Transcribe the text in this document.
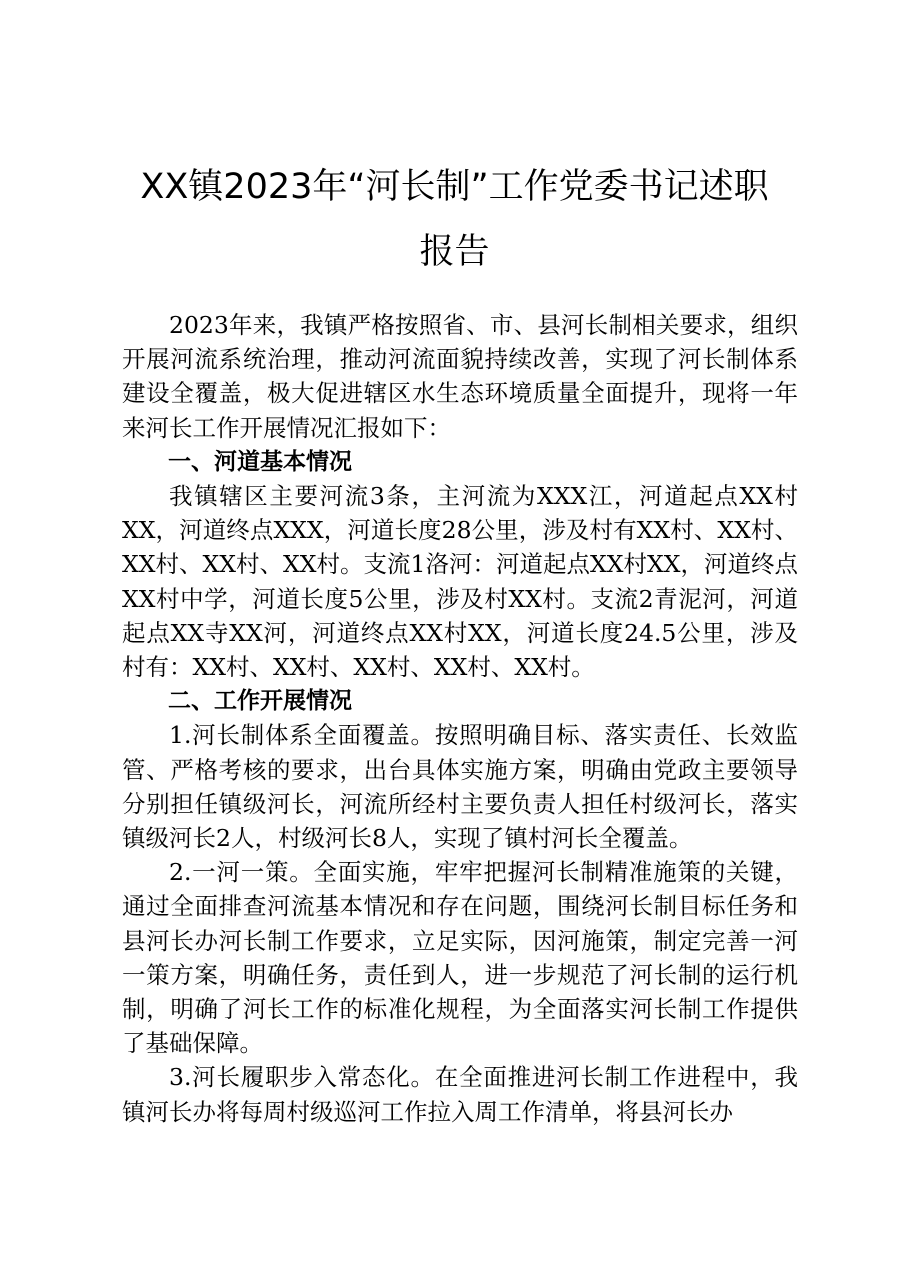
XX镇2023年“河长制”工作党委书记述职
报告

2023年来，我镇严格按照省、市、县河长制相关要求，组织开展河流系统治理，推动河流面貌持续改善，实现了河长制体系建设全覆盖，极大促进辖区水生态环境质量全面提升，现将一年来河长工作开展情况汇报如下：

一、河道基本情况

我镇辖区主要河流3条，主河流为XXX江，河道起点XX村XX，河道终点XXX，河道长度28公里，涉及村有XX村、XX村、XX村、XX村、XX村。支流1洛河：河道起点XX村XX，河道终点XX村中学，河道长度5公里，涉及村XX村。支流2青泥河，河道起点XX寺XX河，河道终点XX村XX，河道长度24.5公里，涉及村有：XX村、XX村、XX村、XX村、XX村。

二、工作开展情况

1.河长制体系全面覆盖。按照明确目标、落实责任、长效监管、严格考核的要求，出台具体实施方案，明确由党政主要领导分别担任镇级河长，河流所经村主要负责人担任村级河长，落实镇级河长2人，村级河长8人，实现了镇村河长全覆盖。

2.一河一策。全面实施，牢牢把握河长制精准施策的关键，通过全面排查河流基本情况和存在问题，围绕河长制目标任务和县河长办河长制工作要求，立足实际，因河施策，制定完善一河一策方案，明确任务，责任到人，进一步规范了河长制的运行机制，明确了河长工作的标准化规程，为全面落实河长制工作提供了基础保障。

3.河长履职步入常态化。在全面推进河长制工作进程中，我镇河长办将每周村级巡河工作拉入周工作清单，将县河长办
